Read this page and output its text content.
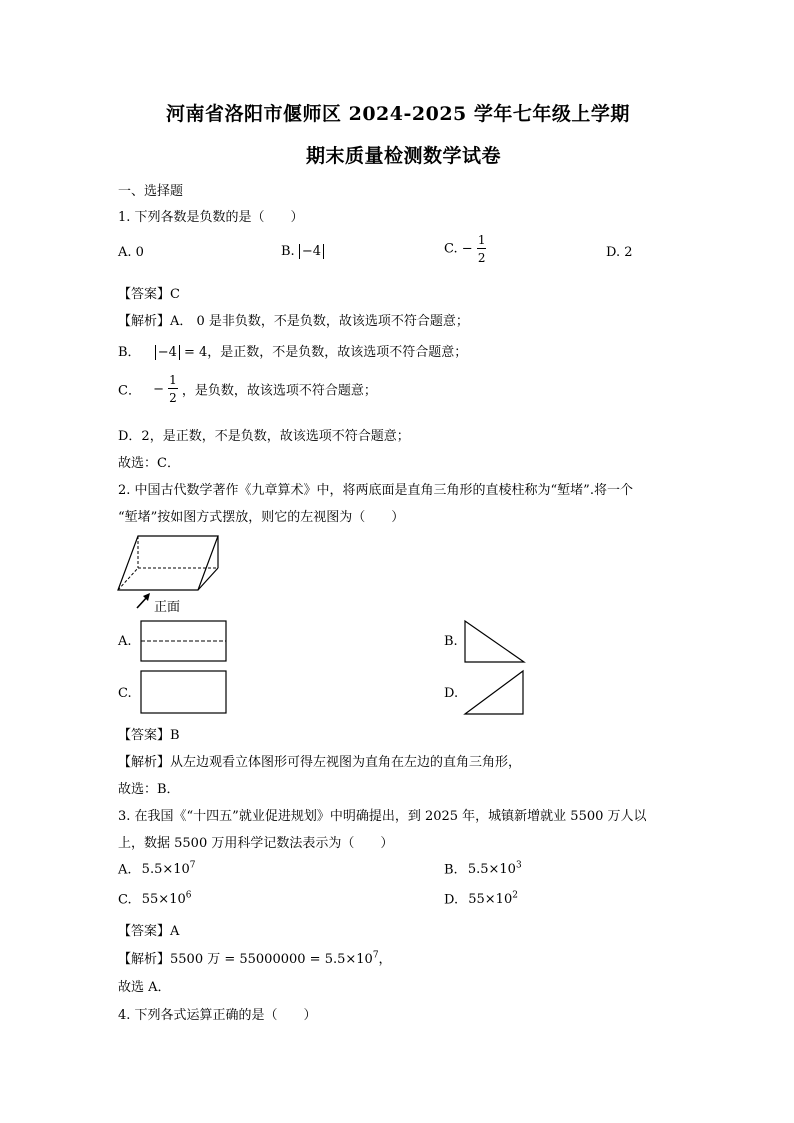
河南省洛阳市偃师区 2024-2025 学年七年级上学期
期末质量检测数学试卷
一、选择题
1. 下列各数是负数的是（　　）
A. 0	B. −4	C. − $\frac{1}{2}$	D. 2
【答案】C
【解析】A． 0 是非负数，不是负数，故该选项不符合题意；
B． −4 = 4，是正数，不是负数，故该选项不符合题意；
C． − $\frac{1}{2}$ ，是负数，故该选项不符合题意；
D．2，是正数，不是负数，故该选项不符合题意；
故选：C．
2. 中国古代数学著作《九章算术》中，将两底面是直角三角形的直棱柱称为“堑堵”.将一个
“堑堵”按如图方式摆放，则它的左视图为（　　）
正面
A.	B.
C.	D.
【答案】B
【解析】从左边观看立体图形可得左视图为直角在左边的直角三角形，
故选：B．
3. 在我国《“十四五”就业促进规划》中明确提出，到 2025 年，城镇新增就业 5500 万人以
上，数据 5500 万用科学记数法表示为（　　）
A. $5.5\times 10^7$	B. $5.5\times 10^3$
C. $55\times 10^6$	D. $55\times 10^2$
【答案】A
【解析】5500 万 = $55000000 = 5.5\times 10^7$，
故选 A．
4. 下列各式运算正确的是（　　）
